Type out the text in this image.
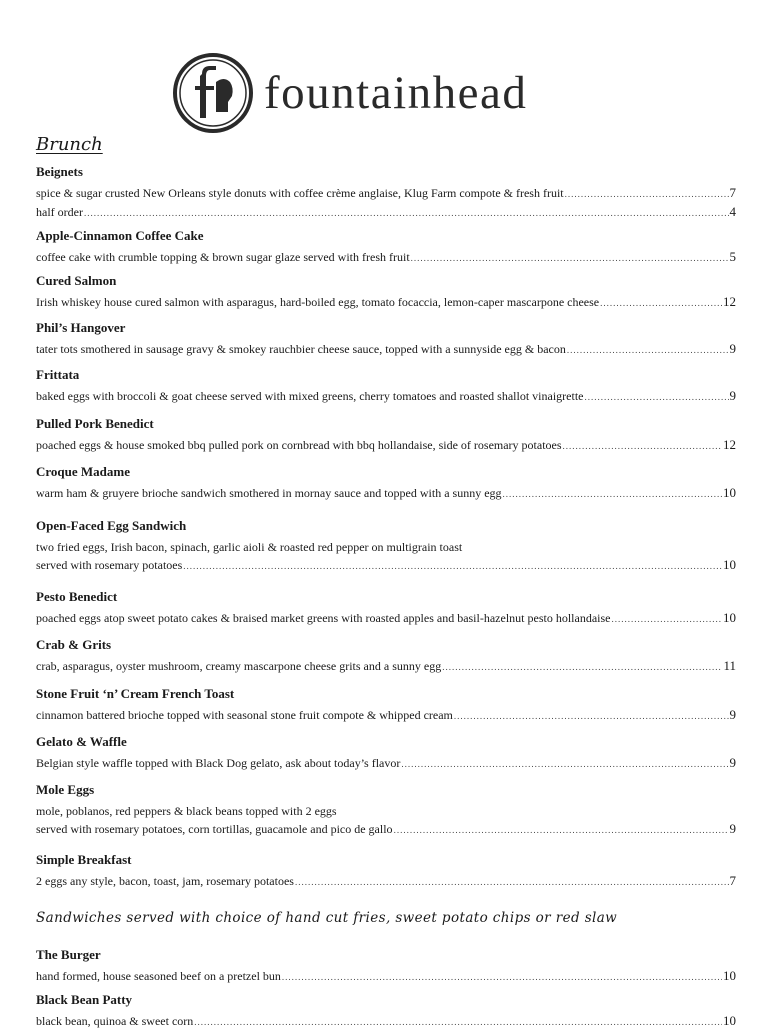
fountainhead
Brunch
Beignets
spice & sugar crusted New Orleans style donuts with coffee crème anglaise, Klug Farm compote & fresh fruit .....	7
half order .....	4
Apple-Cinnamon Coffee Cake
coffee cake with crumble topping & brown sugar glaze served with fresh fruit .....	5
Cured Salmon
Irish whiskey house cured salmon with asparagus, hard-boiled egg, tomato focaccia, lemon-caper mascarpone cheese .....	12
Phil’s Hangover
tater tots smothered in sausage gravy & smokey rauchbier cheese sauce, topped with a sunnyside egg & bacon .....	9
Frittata
baked eggs with broccoli & goat cheese served with mixed greens, cherry tomatoes and roasted shallot vinaigrette .....	9
Pulled Pork Benedict
poached eggs & house smoked bbq pulled pork on cornbread with bbq hollandaise, side of rosemary potatoes .....	12
Croque Madame
warm ham & gruyere brioche sandwich smothered in mornay sauce and topped with a sunny egg .....	10
Open-Faced Egg Sandwich
two fried eggs, Irish bacon, spinach, garlic aioli & roasted red pepper on multigrain toast
served with rosemary potatoes .....	10
Pesto Benedict
poached eggs atop sweet potato cakes & braised market greens with roasted apples and basil-hazelnut pesto hollandaise .....	10
Crab & Grits
crab, asparagus, oyster mushroom, creamy mascarpone cheese grits and a sunny egg .....	11
Stone Fruit ‘n’ Cream French Toast
cinnamon battered brioche topped with seasonal stone fruit compote & whipped cream .....	9
Gelato & Waffle
Belgian style waffle topped with Black Dog gelato, ask about today’s flavor .....	9
Mole Eggs
mole, poblanos, red peppers & black beans topped with 2 eggs
served with rosemary potatoes, corn tortillas, guacamole and pico de gallo .....	9
Simple Breakfast
2 eggs any style, bacon, toast, jam, rosemary potatoes .....	7
Sandwiches served with choice of hand cut fries, sweet potato chips or red slaw
The Burger
hand formed, house seasoned beef on a pretzel bun .....	10
Black Bean Patty
black bean, quinoa & sweet corn .....	10
